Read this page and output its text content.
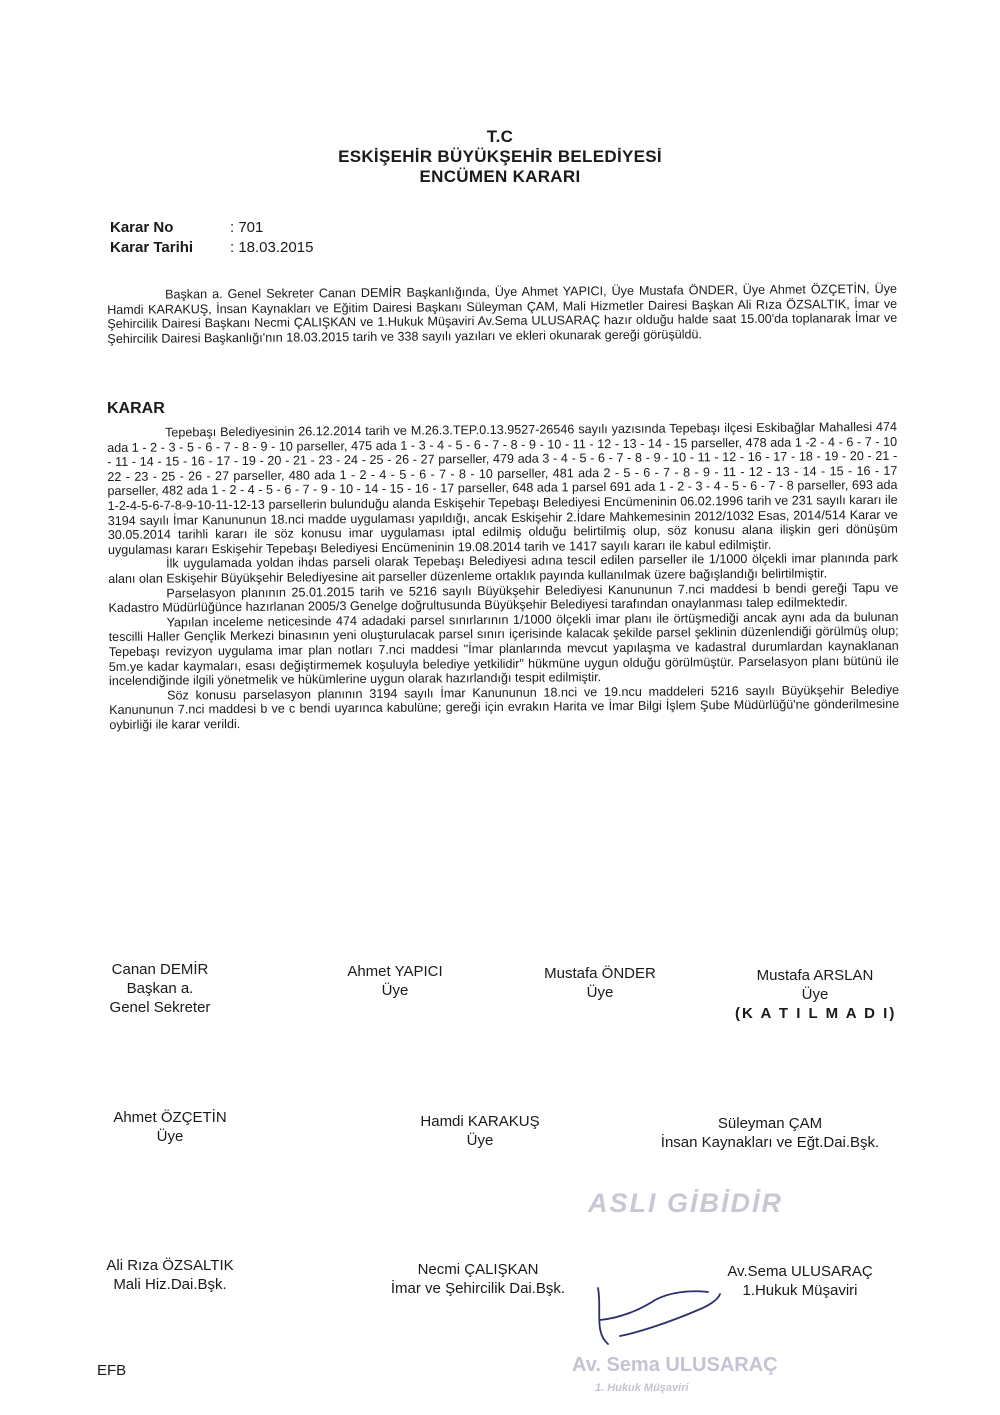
T.C
ESKİŞEHİR BÜYÜKŞEHİR BELEDİYESİ
ENCÜMEN KARARI
Karar No	: 701
Karar Tarihi : 18.03.2015

Başkan a. Genel Sekreter Canan DEMİR Başkanlığında, Üye Ahmet YAPICI, Üye Mustafa ÖNDER, Üye Ahmet ÖZÇETİN, Üye Hamdi KARAKUŞ, İnsan Kaynakları ve Eğitim Dairesi Başkanı Süleyman ÇAM, Mali Hizmetler Dairesi Başkan Ali Rıza ÖZSALTIK, İmar ve Şehircilik Dairesi Başkanı Necmi ÇALIŞKAN ve 1.Hukuk Müşaviri Av.Sema ULUSARAÇ hazır olduğu halde saat 15.00'da toplanarak İmar ve Şehircilik Dairesi Başkanlığı'nın 18.03.2015 tarih ve 338 sayılı yazıları ve ekleri okunarak gereği görüşüldü.

KARAR

Tepebaşı Belediyesinin 26.12.2014 tarih ve M.26.3.TEP.0.13.9527-26546 sayılı yazısında Tepebaşı ilçesi Eskibağlar Mahallesi 474 ada 1 - 2 - 3 - 5 - 6 - 7 - 8 - 9 - 10 parseller, 475 ada 1 - 3 - 4 - 5 - 6 - 7 - 8 - 9 - 10 - 11 - 12 - 13 - 14 - 15 parseller, 478 ada 1 -2 - 4 - 6 - 7 - 10 - 11 - 14 - 15 - 16 - 17 - 19 - 20 - 21 - 23 - 24 - 25 - 26 - 27 parseller, 479 ada 3 - 4 - 5 - 6 - 7 - 8 - 9 - 10 - 11 - 12 - 16 - 17 - 18 - 19 - 20 - 21 - 22 - 23 - 25 - 26 - 27 parseller, 480 ada 1 - 2 - 4 - 5 - 6 - 7 - 8 - 10 parseller, 481 ada 2 - 5 - 6 - 7 - 8 - 9 - 11 - 12 - 13 - 14 - 15 - 16 - 17 parseller, 482 ada 1 - 2 - 4 - 5 - 6 - 7 - 9 - 10 - 14 - 15 - 16 - 17 parseller, 648 ada 1 parsel 691 ada 1 - 2 - 3 - 4 - 5 - 6 - 7 - 8 parseller, 693 ada 1-2-4-5-6-7-8-9-10-11-12-13 parsellerin bulunduğu alanda Eskişehir Tepebaşı Belediyesi Encümeninin 06.02.1996 tarih ve 231 sayılı kararı ile 3194 sayılı İmar Kanununun 18.nci madde uygulaması yapıldığı, ancak Eskişehir 2.İdare Mahkemesinin 2012/1032 Esas, 2014/514 Karar ve 30.05.2014 tarihli kararı ile söz konusu imar uygulaması iptal edilmiş olduğu belirtilmiş olup, söz konusu alana ilişkin geri dönüşüm uygulaması kararı Eskişehir Tepebaşı Belediyesi Encümeninin 19.08.2014 tarih ve 1417 sayılı kararı ile kabul edilmiştir.

İlk uygulamada yoldan ihdas parseli olarak Tepebaşı Belediyesi adına tescil edilen parseller ile 1/1000 ölçekli imar planında park alanı olan Eskişehir Büyükşehir Belediyesine ait parseller düzenleme ortaklık payında kullanılmak üzere bağışlandığı belirtilmiştir.

Parselasyon planının 25.01.2015 tarih ve 5216 sayılı Büyükşehir Belediyesi Kanununun 7.nci maddesi b bendi gereği Tapu ve Kadastro Müdürlüğünce hazırlanan 2005/3 Genelge doğrultusunda Büyükşehir Belediyesi tarafından onaylanması talep edilmektedir.

Yapılan inceleme neticesinde 474 adadaki parsel sınırlarının 1/1000 ölçekli imar planı ile örtüşmediği ancak aynı ada da bulunan tescilli Haller Gençlik Merkezi binasının yeni oluşturulacak parsel sınırı içerisinde kalacak şekilde parsel şeklinin düzenlendiği görülmüş olup; Tepebaşı revizyon uygulama imar plan notları 7.nci maddesi "İmar planlarında mevcut yapılaşma ve kadastral durumlardan kaynaklanan 5m.ye kadar kaymaları, esası değiştirmemek koşuluyla belediye yetkilidir" hükmüne uygun olduğu görülmüştür. Parselasyon planı bütünü ile incelendiğinde ilgili yönetmelik ve hükümlerine uygun olarak hazırlandığı tespit edilmiştir.

Söz konusu parselasyon planının 3194 sayılı İmar Kanununun 18.nci ve 19.ncu maddeleri 5216 sayılı Büyükşehir Belediye Kanununun 7.nci maddesi b ve c bendi uyarınca kabulüne; gereği için evrakın Harita ve İmar Bilgi İşlem Şube Müdürlüğü'ne gönderilmesine oybirliği ile karar verildi.

Canan DEMİR
Başkan a.
Genel Sekreter
Ahmet YAPICI
Üye
Mustafa ÖNDER
Üye
Mustafa ARSLAN
Üye
(K A T I L M A D I)
Ahmet ÖZÇETİN
Üye
Hamdi KARAKUŞ
Üye
Süleyman ÇAM
İnsan Kaynakları ve Eğt.Dai.Bşk.
ASLI GİBİDİR
Ali Rıza ÖZSALTIK
Mali Hiz.Dai.Bşk.
Necmi ÇALIŞKAN
İmar ve Şehircilik Dai.Bşk.
Av.Sema ULUSARAÇ
1.Hukuk Müşaviri
Av. Sema ULUSARAÇ
1. Hukuk Müşaviri
EFB
